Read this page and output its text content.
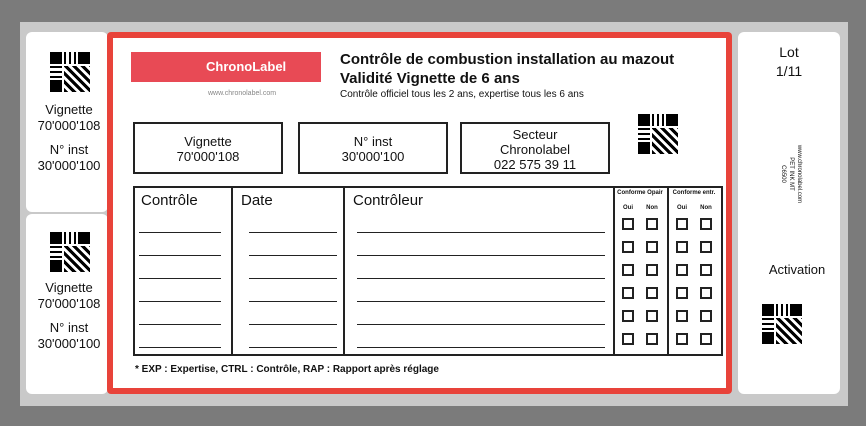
Vignette
70'000'108
N° inst
30'000'100
Vignette
70'000'108
N° inst
30'000'100
Lot
1/11
www.chronolabel.com
PET INK MT
C6500
Activation
ChronoLabel
www.chronolabel.com
Contrôle de combustion installation au mazout
Validité Vignette de 6 ans
Contrôle officiel tous les 2 ans, expertise tous les 6 ans
Vignette
70'000'108
N° inst
30'000'100
Secteur
Chronolabel
022 575 39 11
Contrôle	Date	Contrôleur	Conforme Opair Conforme entr.
Oui	Non	Oui	Non
* EXP : Expertise, CTRL : Contrôle, RAP : Rapport après réglage
